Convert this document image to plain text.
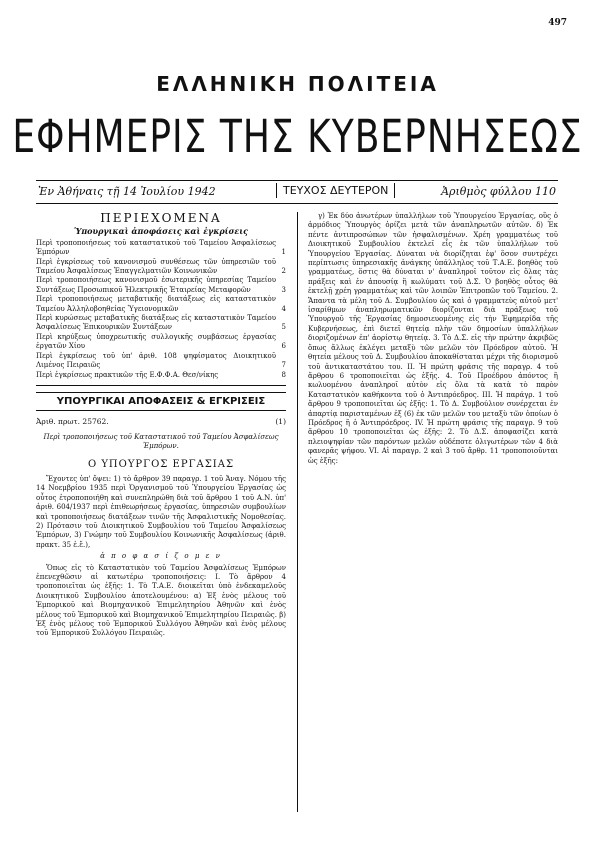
497
ΕΛΛΗΝΙΚΗ ΠΟΛΙΤΕΙΑ
ΕΦΗΜΕΡΙΣ ΤΗΣ ΚΥΒΕΡΝΗΣΕΩΣ
Ἐν Ἀθήναις τῇ 14 Ἰουλίου 1942	ΤΕΥΧΟΣ ΔΕΥΤΕΡΟΝ	Ἀριθμὸς φύλλου 110
ΠΕΡΙΕΧΟΜΕΝΑ
Ὑπουργικαὶ ἀποφάσεις καὶ ἐγκρίσεις
Περὶ τροποποιήσεως τοῦ καταστατικοῦ τοῦ Ταμείου Ἀσφαλίσεως Ἐμπόρων	1
Περὶ ἐγκρίσεως τοῦ κανονισμοῦ συνθέσεως τῶν ὑπηρεσιῶν τοῦ Ταμείου Ἀσφαλίσεως Ἐπαγγελματιῶν Κοινωνικῶν	2
Περὶ τροποποιήσεως κανονισμοῦ ἐσωτερικῆς ὑπηρεσίας Ταμείου Συντάξεως Προσωπικοῦ Ἠλεκτρικῆς Ἑταιρείας Μεταφορῶν	3
Περὶ τροποποιήσεως μεταβατικῆς διατάξεως εἰς καταστατικὸν Ταμείου Ἀλληλοβοηθείας Ὑγειονομικῶν	4
Περὶ κυρώσεως μεταβατικῆς διατάξεως εἰς καταστατικὸν Ταμείου Ἀσφαλίσεως Ἐπικουρικῶν Συντάξεων	5
Περὶ κηρύξεως ὑποχρεωτικῆς συλλογικῆς συμβάσεως ἐργασίας ἐργατῶν Χίου	6
Περὶ ἐγκρίσεως τοῦ ὑπ' ἀριθ. 108 ψηφίσματος Διοικητικοῦ Λιμένος Πειραιῶς	7
Περὶ ἐγκρίσεως πρακτικῶν τῆς Ε.Φ.Φ.Α. Θεσ/νίκης	8
ΥΠΟΥΡΓΙΚΑΙ ΑΠΟΦΑΣΕΙΣ & ΕΓΚΡΙΣΕΙΣ
Ἀριθ. πρωτ. 25762.	(1)
Περὶ τροποποιήσεως τοῦ Καταστατικοῦ τοῦ Ταμείου Ἀσφαλίσεως Ἐμπόρων.
Ο ΥΠΟΥΡΓΟΣ ΕΡΓΑΣΙΑΣ

Ἔχοντες ὑπ' ὄψει: 1) τὸ ἄρθρον 39 παραγρ. 1 τοῦ Ἀναγ. Νόμου τῆς 14 Νοεμβρίου 1935 περὶ Ὀργανισμοῦ τοῦ Ὑπουργείου Ἐργασίας ὡς οὗτος ἐτροποποιήθη καὶ συνεπληρώθη διὰ τοῦ ἄρθρου 1 τοῦ Α.Ν. ὑπ' ἀριθ. 604/1937 περὶ ἐπιθεωρήσεως ἐργασίας, ὑπηρεσιῶν συμβουλίων καὶ τροποποιήσεως διατάξεων τινῶν τῆς Ἀσφαλιστικῆς Νομοθεσίας. 2) Πρότασιν τοῦ Διοικητικοῦ Συμβουλίου τοῦ Ταμείου Ἀσφαλίσεως Ἐμπόρων, 3) Γνώμην τοῦ Συμβουλίου Κοινωνικῆς Ἀσφαλίσεως (ἀριθ. πρακτ. 35 ἐ.ἔ.),

ἀ π ο φ α σ ί ζ ο μ ε ν

Ὅπως εἰς τὸ Καταστατικὸν τοῦ Ταμείου Ἀσφαλίσεως Ἐμπόρων ἐπενεχθῶσιν αἱ κατωτέρω τροποποιήσεις: I. Τὸ ἄρθρον 4 τροποποιεῖται ὡς ἑξῆς: 1. Τὸ Τ.Α.Ε. διοικεῖται ὑπὸ ἑνδεκαμελοῦς Διοικητικοῦ Συμβουλίου ἀποτελουμένου: α) Ἐξ ἑνὸς μέλους τοῦ Ἐμπορικοῦ καὶ Βιομηχανικοῦ Ἐπιμελητηρίου Ἀθηνῶν καὶ ἑνὸς μέλους τοῦ Ἐμπορικοῦ καὶ Βιομηχανικοῦ Ἐπιμελητηρίου Πειραιῶς. β) Ἐξ ἑνὸς μέλους τοῦ Ἐμπορικοῦ Συλλόγου Ἀθηνῶν καὶ ἑνὸς μέλους τοῦ Ἐμπορικοῦ Συλλόγου Πειραιῶς.

γ) Ἐκ δύο ἀνωτέρων ὑπαλλήλων τοῦ Ὑπουργείου Ἐργασίας, οὓς ὁ ἁρμόδιος Ὑπουργὸς ὁρίζει μετὰ τῶν ἀναπληρωτῶν αὐτῶν. δ) Ἐκ πέντε ἀντιπροσώπων τῶν ἠσφαλισμένων. Χρέη γραμματέως τοῦ Διοικητικοῦ Συμβουλίου ἐκτελεῖ εἷς ἐκ τῶν ὑπαλλήλων τοῦ Ὑπουργείου Ἐργασίας. Δύναται νὰ διορίζηται ἐφ' ὅσον συντρέχει περίπτωσις ὑπηρεσιακῆς ἀνάγκης ὑπάλληλος τοῦ Τ.Α.Ε. βοηθὸς τοῦ γραμματέως, ὅστις θὰ δύναται ν' ἀναπληροῖ τοῦτον εἰς ὅλας τὰς πράξεις καὶ ἐν ἀπουσίᾳ ἢ κωλύματι τοῦ Δ.Σ. Ὁ βοηθὸς οὗτος θὰ ἐκτελῇ χρέη γραμματέως καὶ τῶν λοιπῶν Ἐπιτροπῶν τοῦ Ταμείου. 2. Ἅπαντα τὰ μέλη τοῦ Δ. Συμβουλίου ὡς καὶ ὁ γραμματεὺς αὐτοῦ μετ' ἰσαρίθμων ἀναπληρωματικῶν διορίζονται διὰ πράξεως τοῦ Ὑπουργοῦ τῆς Ἐργασίας δημοσιευομένης εἰς τὴν Ἐφημερίδα τῆς Κυβερνήσεως, ἐπὶ διετεῖ θητείᾳ πλὴν τῶν δημοσίων ὑπαλλήλων διοριζομένων ἐπ' ἀορίστῳ θητείᾳ. 3. Τὸ Δ.Σ. εἰς τὴν πρώτην ἀκριβῶς ὅπως ἄλλως ἐκλέγει μεταξὺ τῶν μελῶν τὸν Πρόεδρον αὐτοῦ. Ἡ θητεία μέλους τοῦ Δ. Συμβουλίου ἀποκαθίσταται μέχρι τῆς διορισμοῦ τοῦ ἀντικαταστάτου του. II. Ἡ πρώτη φράσις τῆς παραγρ. 4 τοῦ ἄρθρου 6 τροποποιεῖται ὡς ἑξῆς. 4. Τοῦ Προέδρου ἀπόντος ἢ κωλυομένου ἀναπληροῖ αὐτὸν εἰς ὅλα τὰ κατὰ τὸ παρὸν Καταστατικὸν καθήκοντα τοῦ ὁ Ἀντιπρόεδρος. III. Ἡ παράγρ. 1 τοῦ ἄρθρου 9 τροποποιεῖται ὡς ἑξῆς: 1. Τὸ Δ. Συμβούλιον συνέρχεται ἐν ἀπαρτίᾳ παρισταμένων ἐξ (6) ἐκ τῶν μελῶν του μεταξὺ τῶν ὁποίων ὁ Πρόεδρος ἢ ὁ Ἀντιπρόεδρος. IV. Ἡ πρώτη φράσις τῆς παραγρ. 9 τοῦ ἄρθρου 10 τροποποιεῖται ὡς ἑξῆς: 2. Τὸ Δ.Σ. ἀποφασίζει κατὰ πλειοψηφίαν τῶν παρόντων μελῶν οὐδέποτε ὀλιγωτέρων τῶν 4 διὰ φανερᾶς ψήφου. VI. Αἱ παραγρ. 2 καὶ 3 τοῦ ἄρθρ. 11 τροποποιοῦνται ὡς ἑξῆς:
